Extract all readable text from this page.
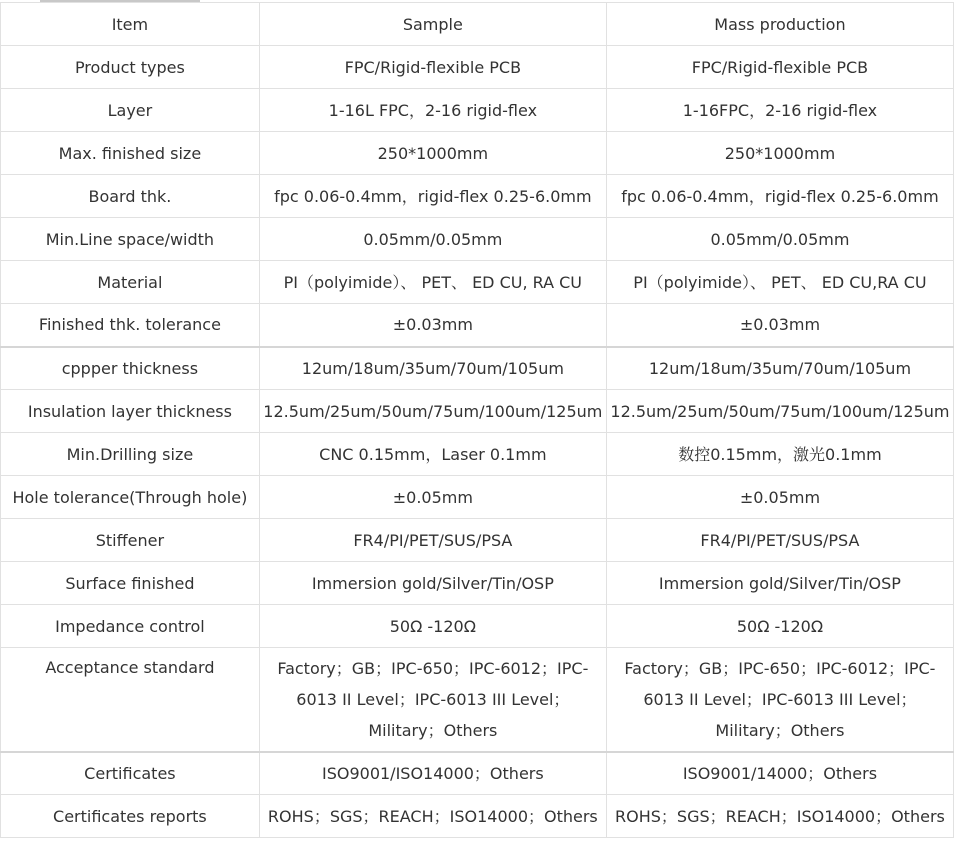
Item	Sample	Mass production
Product types	FPC/Rigid-flexible PCB	FPC/Rigid-flexible PCB
Layer	1-16L FPC，2-16 rigid-flex	1-16FPC，2-16 rigid-flex
Max. finished size	250*1000mm	250*1000mm
Board thk.	fpc 0.06-0.4mm，rigid-flex 0.25-6.0mm	fpc 0.06-0.4mm，rigid-flex 0.25-6.0mm
Min.Line space/width	0.05mm/0.05mm	0.05mm/0.05mm
Material	PI（polyimide）、 PET、 ED CU, RA CU	PI（polyimide）、 PET、 ED CU,RA CU
Finished thk. tolerance	±0.03mm	±0.03mm
cppper thickness	12um/18um/35um/70um/105um	12um/18um/35um/70um/105um
Insulation layer thickness	12.5um/25um/50um/75um/100um/125um	12.5um/25um/50um/75um/100um/125um
Min.Drilling size	CNC 0.15mm，Laser 0.1mm	数控0.15mm，激光0.1mm
Hole tolerance(Through hole)	±0.05mm	±0.05mm
Stiffener	FR4/PI/PET/SUS/PSA	FR4/PI/PET/SUS/PSA
Surface finished	Immersion gold/Silver/Tin/OSP	Immersion gold/Silver/Tin/OSP
Impedance control	50Ω -120Ω	50Ω -120Ω
Acceptance standard	Factory；GB；IPC-650；IPC-6012；IPC-6013 II Level；IPC-6013 III Level；Military；Others	Factory；GB；IPC-650；IPC-6012；IPC-6013 II Level；IPC-6013 III Level；Military；Others
Certificates	ISO9001/ISO14000；Others	ISO9001/14000；Others
Certificates reports	ROHS；SGS；REACH；ISO14000；Others	ROHS；SGS；REACH；ISO14000；Others
